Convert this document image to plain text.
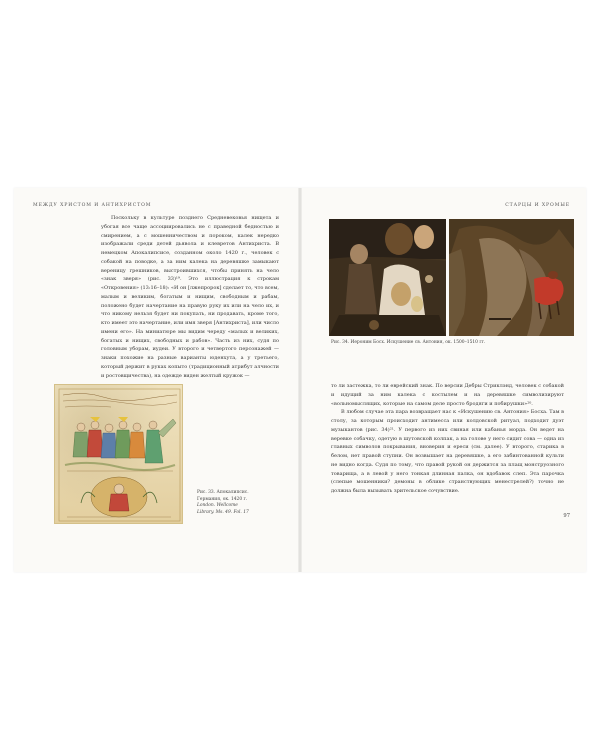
МЕЖДУ ХРИСТОМ И АНТИХРИСТОМ

Поскольку в культуре позднего Средневековья нищета и убогая все чаще ассоциировались не с праведной бедностью и смирением, а с мошенничеством и пороком, калек нередко изображали среди детей дьявола и клевретов Антихриста. В немецком Апокалипсисе, созданном около 1420 г., человек с собакой на поводке, а за ним калека на деревяшке замыкают вереницу грешников, выстроившихся, чтобы принять на чело «знак зверя» (рис. 33)¹⁹. Это иллюстрация к строкам «Откровения» (13:16–18): «И он [лжепророк] сделает то, что всем, малым и великим, богатым и нищим, свободным и рабам, положено будет начертание на правую руку их или на чело их, и что никому нельзя будет ни покупать, ни продавать, кроме того, кто имеет это начертание, или имя зверя [Антихриста], или число имени его». На миниатюре мы видим череду «малых и великих, богатых и нищих, свободных и рабов». Часть из них, судя по головным уборам, иудеи. У второго и четвертого персонажей — знаки похожие на разные варианты юденхута, а у третьего, который держит в руках копыто (традиционный атрибут алчности и ростовщичества), на одежде виден желтый кружок —

Рис. 33. Апокалипсис. Германия, ок. 1420 г.
London. Wellcome Library. Ms. 49. Fol. 17
СТАРЦЫ И ХРОМЫЕ
Рис. 34. Иероним Босх. Искушение св. Антония, ок. 1500–1510 гг.

то ли застежка, то ли еврейский знак. По версии Дебры Стриклэнд, человек с собакой и идущий за ним калека с костылем и на деревяшке символизируют «вольномыслящих, которые на самом деле просто бродяги и побирушки»²⁰.

В любом случае эта пара возвращает нас к «Искушению св. Антония» Босха. Там в столу, за которым происходит антимесса или колдовской ритуал, подходит дуэт музыкантов (рис. 34)²¹. У первого из них свиная или кабанья морда. Он ведет на веревке собачку, одетую в шутовской колпак, а на голове у него сидит сова — одна из главных символов покрывания, вноверия и ереси (см. далее). У второго, старика в белом, нет правой ступни. Он возвышает на деревяшке, а его забинтованной культи не видно когда. Судя по тому, что правой рукой он держится за плащ монструозного товарища, а в левой у него тонкая длинная палка, он вдобавок слеп. Эта парочка (слепые мошенники? демоны в облике странствующих менестрелей?) точно не должна была вызывать зрительское сочувствие.

97
